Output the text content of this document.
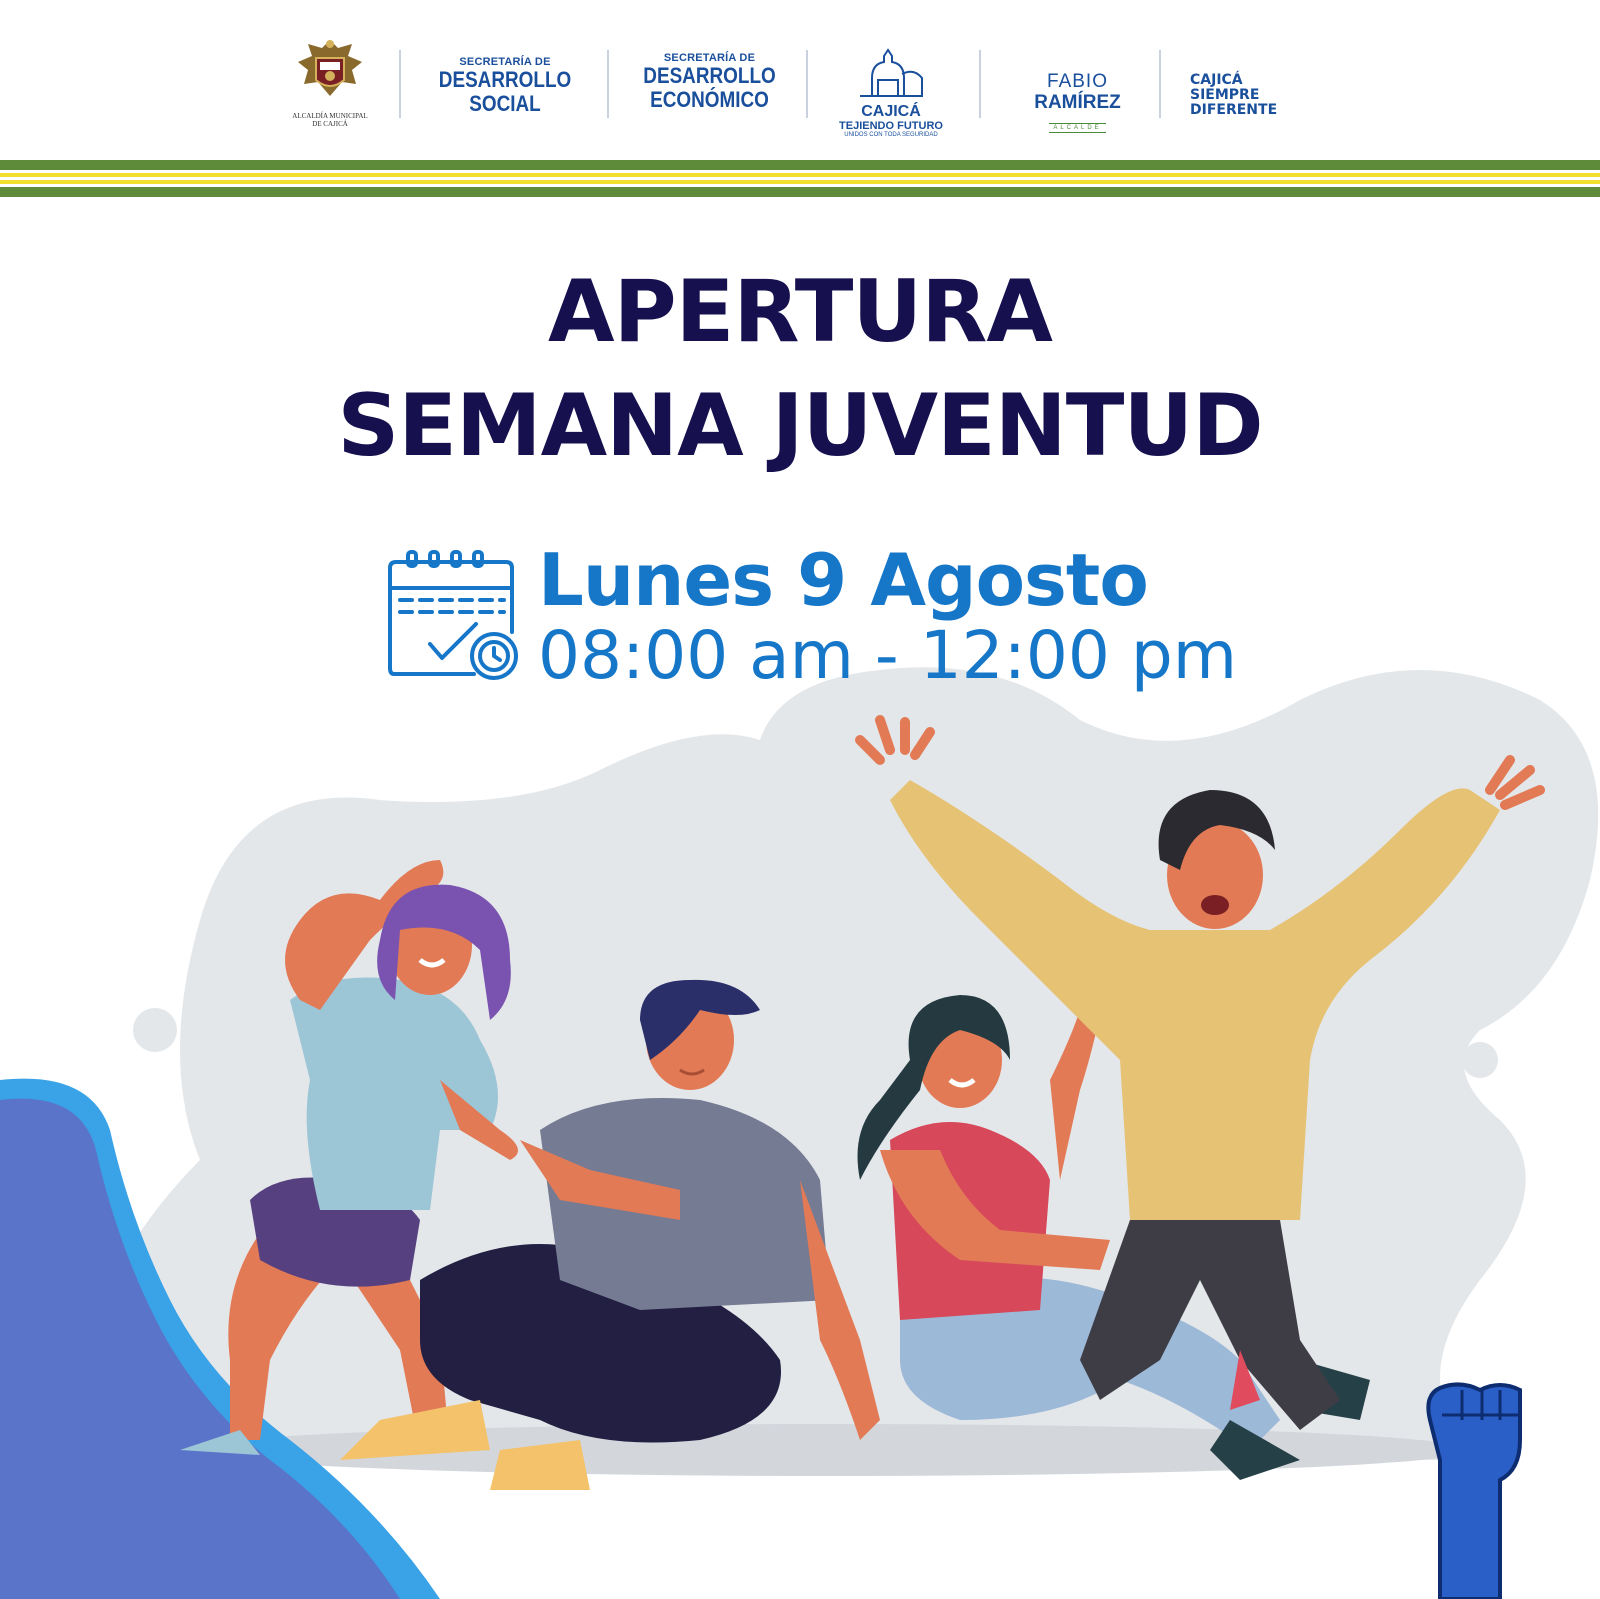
ALCALDÍA MUNICIPAL
DE CAJICÁ
SECRETARÍA DE
DESARROLLO
SOCIAL
SECRETARÍA DE
DESARROLLO
ECONÓMICO	CAJICÁ
TEJIENDO FUTURO
UNIDOS CON TODA SEGURIDAD
FABIO
RAMÍREZ
ALCALDE
CAJICÁ
SIEMPRE
DIFERENTE
APERTURA
SEMANA JUVENTUD
Lunes 9 Agosto
08:00 am - 12:00 pm
